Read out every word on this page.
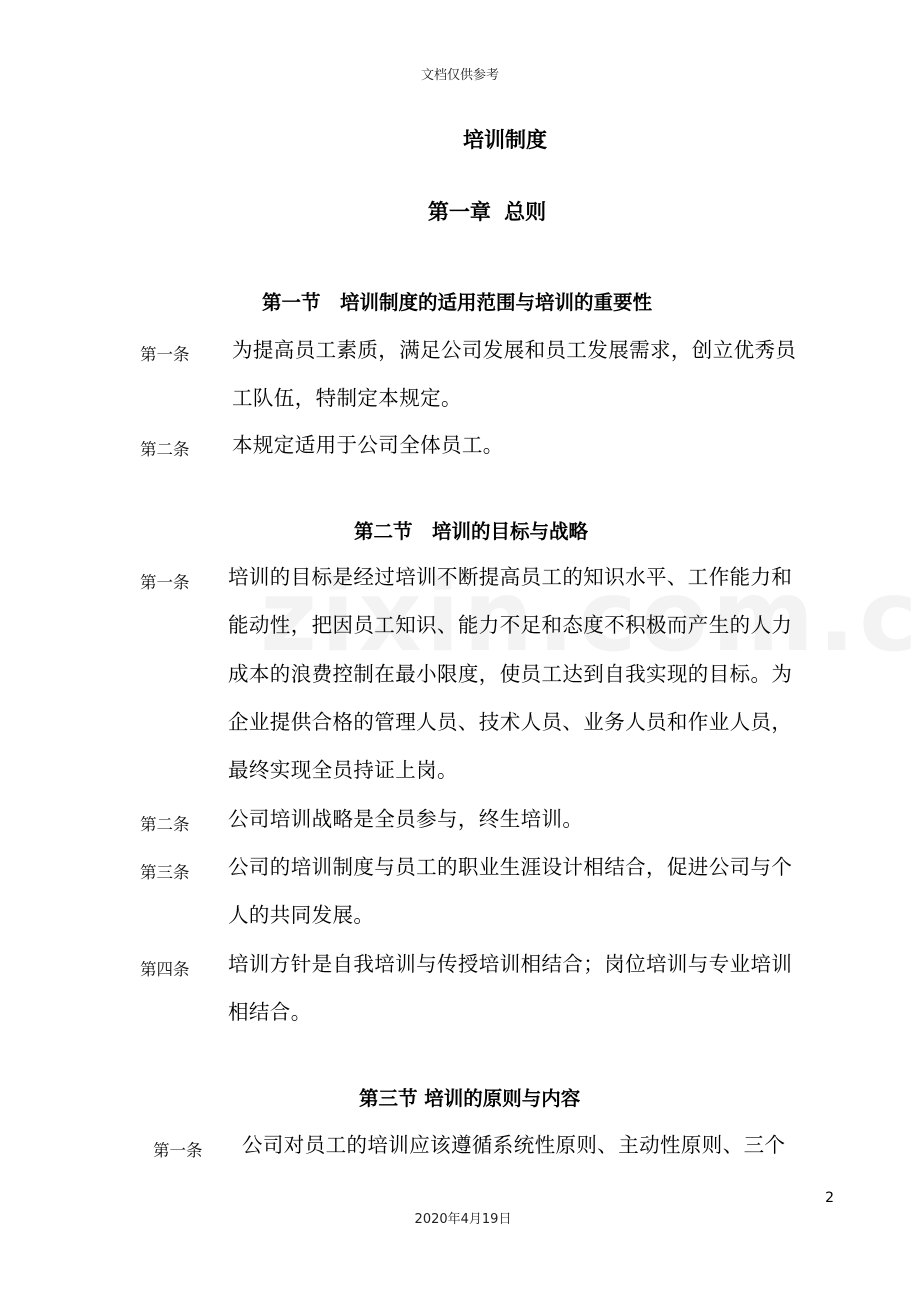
文档仅供参考
培训制度
第一章 总则
第一节　培训制度的适用范围与培训的重要性
第一条 为提高员工素质，满足公司发展和员工发展需求，创立优秀员
工队伍，特制定本规定。
第二条 本规定适用于公司全体员工。
第二节　培训的目标与战略
第一条 培训的目标是经过培训不断提高员工的知识水平、工作能力和
能动性，把因员工知识、能力不足和态度不积极而产生的人力
成本的浪费控制在最小限度，使员工达到自我实现的目标。为
企业提供合格的管理人员、技术人员、业务人员和作业人员，
最终实现全员持证上岗。
第二条 公司培训战略是全员参与，终生培训。
第三条 公司的培训制度与员工的职业生涯设计相结合，促进公司与个
人的共同发展。
第四条 培训方针是自我培训与传授培训相结合；岗位培训与专业培训
相结合。
第三节 培训的原则与内容
第一条 公司对员工的培训应该遵循系统性原则、主动性原则、三个
2
2020年4月19日
